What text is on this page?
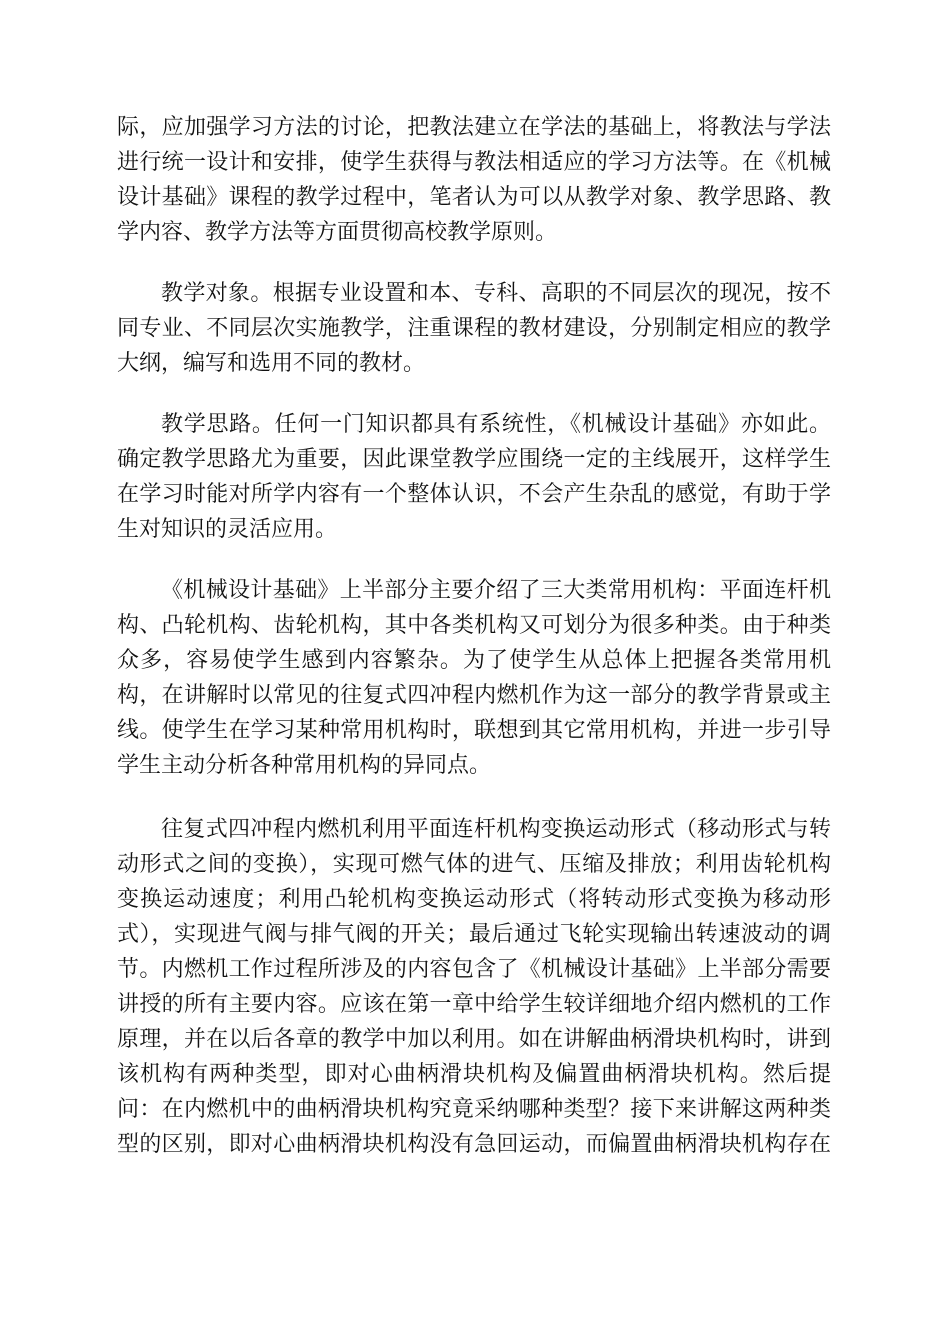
际，应加强学习方法的讨论，把教法建立在学法的基础上，将教法与学法
进行统一设计和安排，使学生获得与教法相适应的学习方法等。在《机械
设计基础》课程的教学过程中，笔者认为可以从教学对象、教学思路、教
学内容、教学方法等方面贯彻高校教学原则。

教学对象。根据专业设置和本、专科、高职的不同层次的现况，按不
同专业、不同层次实施教学，注重课程的教材建设，分别制定相应的教学
大纲，编写和选用不同的教材。

教学思路。任何一门知识都具有系统性，《机械设计基础》亦如此。
确定教学思路尤为重要，因此课堂教学应围绕一定的主线展开，这样学生
在学习时能对所学内容有一个整体认识，不会产生杂乱的感觉，有助于学
生对知识的灵活应用。

《机械设计基础》上半部分主要介绍了三大类常用机构：平面连杆机
构、凸轮机构、齿轮机构，其中各类机构又可划分为很多种类。由于种类
众多，容易使学生感到内容繁杂。为了使学生从总体上把握各类常用机
构，在讲解时以常见的往复式四冲程内燃机作为这一部分的教学背景或主
线。使学生在学习某种常用机构时，联想到其它常用机构，并进一步引导
学生主动分析各种常用机构的异同点。

往复式四冲程内燃机利用平面连杆机构变换运动形式（移动形式与转
动形式之间的变换），实现可燃气体的进气、压缩及排放；利用齿轮机构
变换运动速度；利用凸轮机构变换运动形式（将转动形式变换为移动形
式），实现进气阀与排气阀的开关；最后通过飞轮实现输出转速波动的调
节。内燃机工作过程所涉及的内容包含了《机械设计基础》上半部分需要
讲授的所有主要内容。应该在第一章中给学生较详细地介绍内燃机的工作
原理，并在以后各章的教学中加以利用。如在讲解曲柄滑块机构时，讲到
该机构有两种类型，即对心曲柄滑块机构及偏置曲柄滑块机构。然后提
问：在内燃机中的曲柄滑块机构究竟采纳哪种类型？接下来讲解这两种类
型的区别，即对心曲柄滑块机构没有急回运动，而偏置曲柄滑块机构存在
